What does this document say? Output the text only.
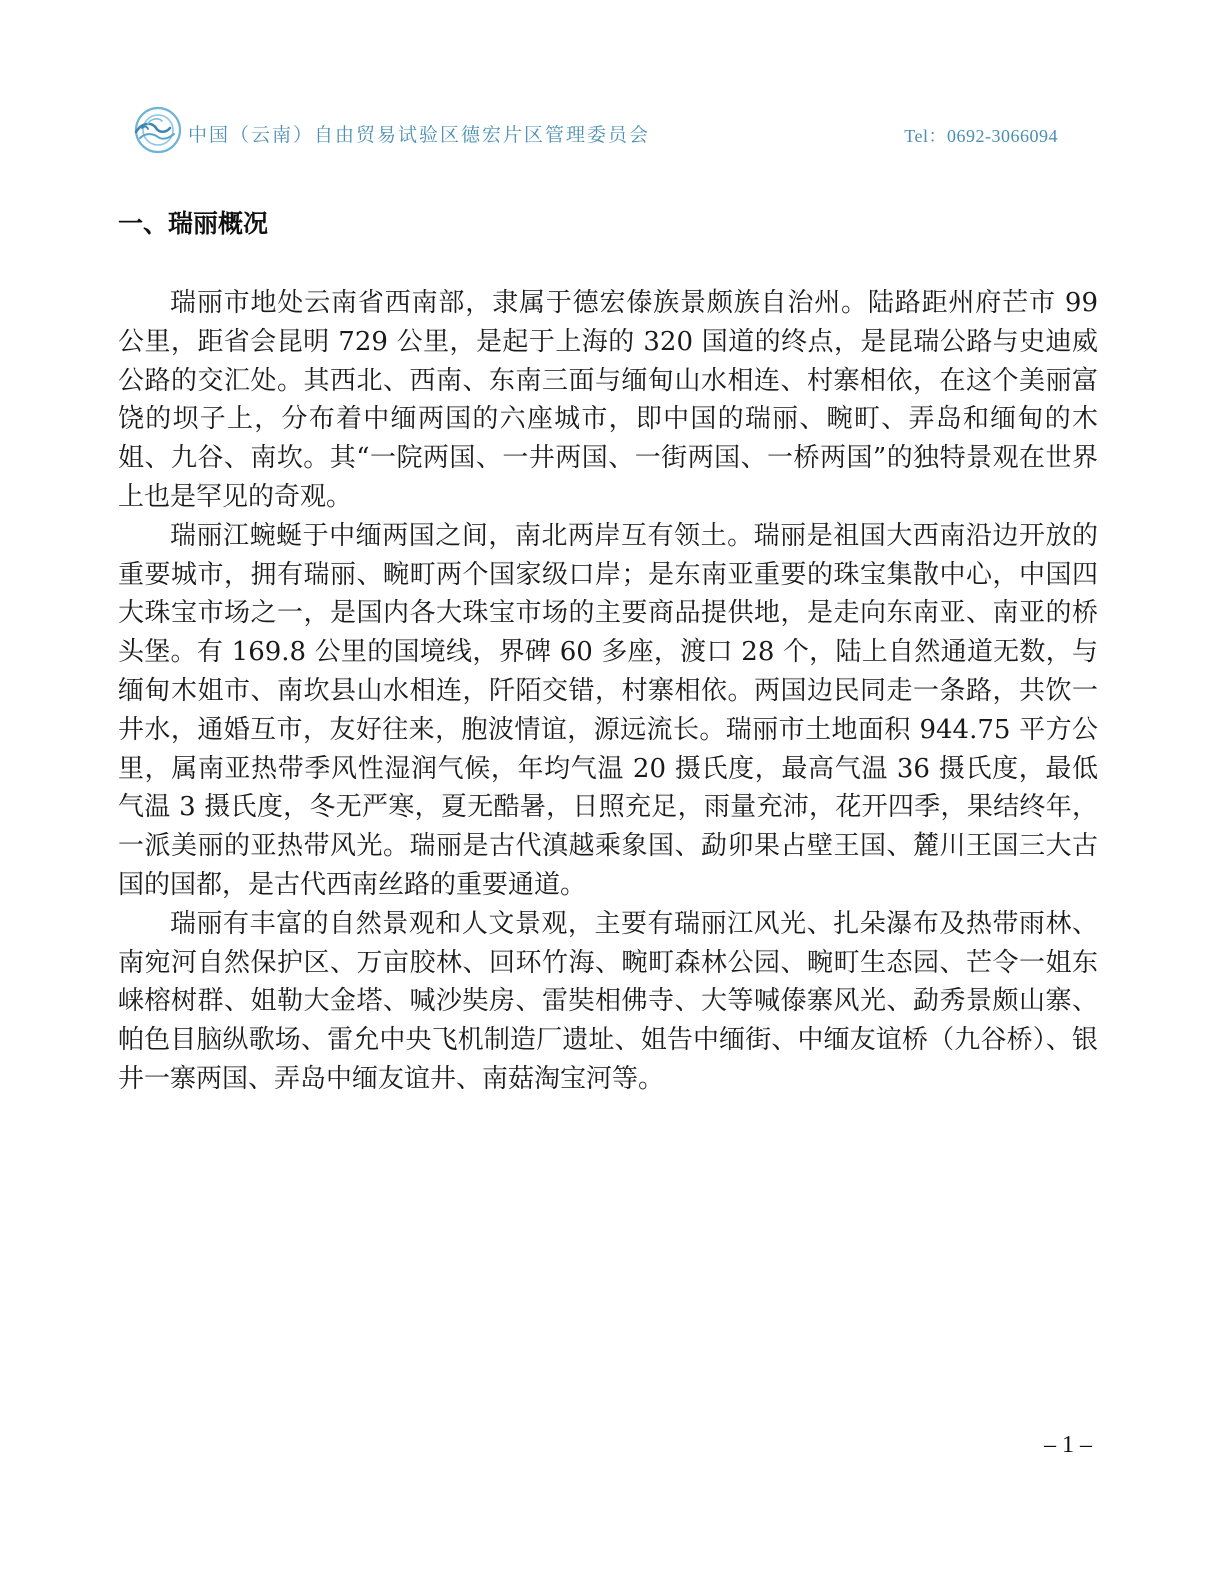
中国（云南）自由贸易试验区德宏片区管理委员会	Tel：0692-3066094
一、瑞丽概况

瑞丽市地处云南省西南部，隶属于德宏傣族景颇族自治州。陆路距州府芒市 99 公里，距省会昆明 729 公里，是起于上海的 320 国道的终点，是昆瑞公路与史迪威公路的交汇处。其西北、西南、东南三面与缅甸山水相连、村寨相依，在这个美丽富饶的坝子上，分布着中缅两国的六座城市，即中国的瑞丽、畹町、弄岛和缅甸的木姐、九谷、南坎。其“一院两国、一井两国、一街两国、一桥两国”的独特景观在世界上也是罕见的奇观。

瑞丽江蜿蜒于中缅两国之间，南北两岸互有领土。瑞丽是祖国大西南沿边开放的重要城市，拥有瑞丽、畹町两个国家级口岸；是东南亚重要的珠宝集散中心，中国四大珠宝市场之一，是国内各大珠宝市场的主要商品提供地，是走向东南亚、南亚的桥头堡。有 169.8 公里的国境线，界碑 60 多座，渡口 28 个，陆上自然通道无数，与缅甸木姐市、南坎县山水相连，阡陌交错，村寨相依。两国边民同走一条路，共饮一井水，通婚互市，友好往来，胞波情谊，源远流长。瑞丽市土地面积 944.75 平方公里，属南亚热带季风性湿润气候，年均气温 20 摄氏度，最高气温 36 摄氏度，最低气温 3 摄氏度，冬无严寒，夏无酷暑，日照充足，雨量充沛，花开四季，果结终年，一派美丽的亚热带风光。瑞丽是古代滇越乘象国、勐卯果占壁王国、麓川王国三大古国的国都，是古代西南丝路的重要通道。

瑞丽有丰富的自然景观和人文景观，主要有瑞丽江风光、扎朵瀑布及热带雨林、南宛河自然保护区、万亩胶林、回环竹海、畹町森林公园、畹町生态园、芒令一姐东崃榕树群、姐勒大金塔、喊沙奘房、雷奘相佛寺、大等喊傣寨风光、勐秀景颇山寨、帕色目脑纵歌场、雷允中央飞机制造厂遗址、姐告中缅街、中缅友谊桥（九谷桥）、银井一寨两国、弄岛中缅友谊井、南菇淘宝河等。

– 1 –
